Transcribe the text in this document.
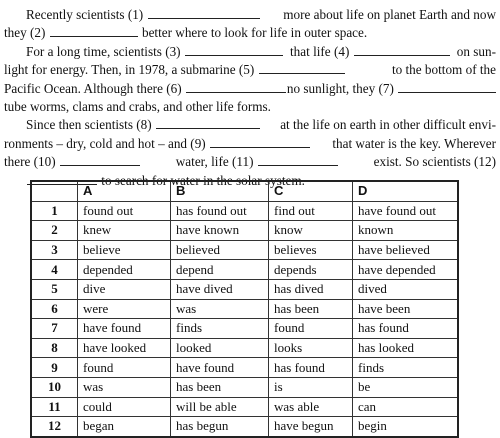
Recently scientists (1)	more about life on planet Earth and now
they (2)	better where to look for life in outer space.
For a long time, scientists (3)	that life (4)	on sun-
light for energy. Then, in 1978, a submarine (5)	to the bottom of the
Pacific Ocean. Although there (6)	no sunlight, they (7)
tube worms, clams and crabs, and other life forms.
Since then scientists (8)	at the life on earth in other difficult envi-
ronments – dry, cold and hot – and (9)	that water is the key. Wherever
there (10)	water, life (11)	exist. So scientists (12)
to search for water in the solar system.
	A	B	C	D
1	found out	has found out	find out	have found out
2	knew	have known	know	known
3	believe	believed	believes	have believed
4	depended	depend	depends	have depended
5	dive	have dived	has dived	dived
6	were	was	has been	have been
7	have found	finds	found	has found
8	have looked	looked	looks	has looked
9	found	have found	has found	finds
10	was	has been	is	be
11	could	will be able	was able	can
12	began	has begun	have begun	begin
